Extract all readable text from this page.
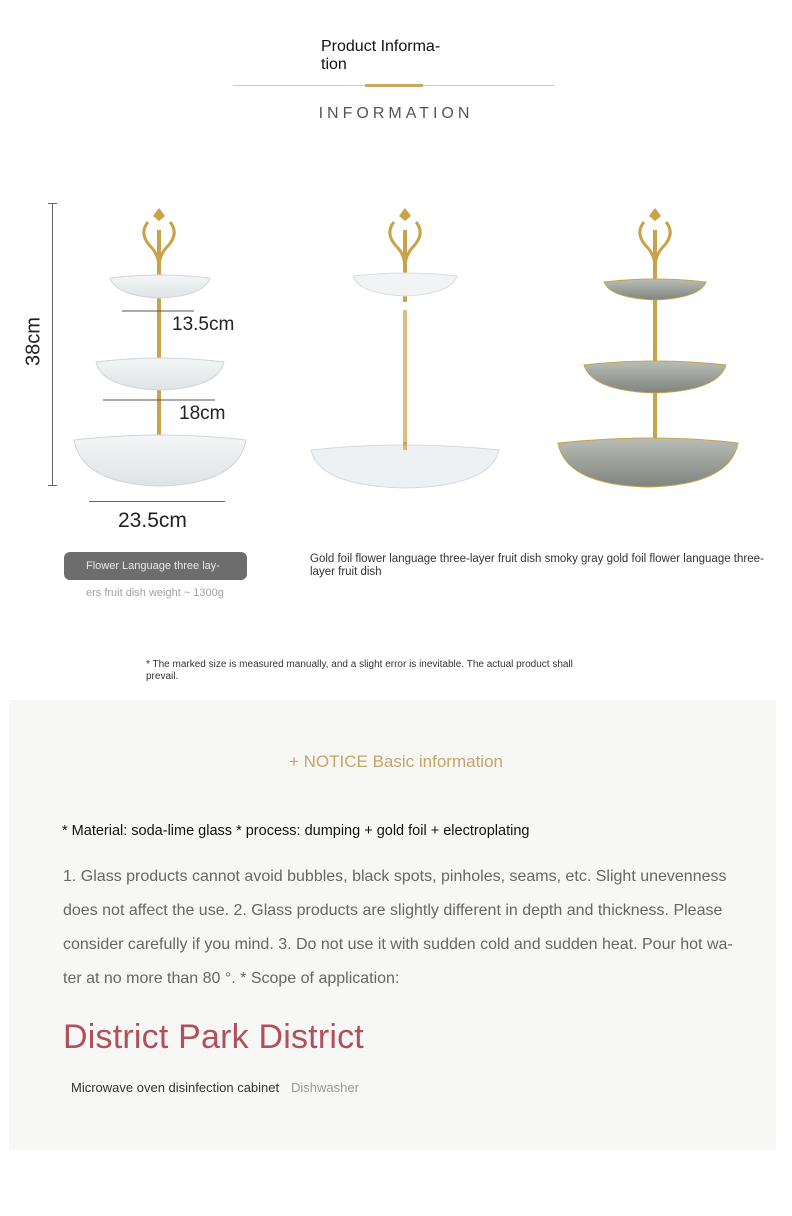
Product Informa-
tion
INFORMATION
38cm	13.5cm
18cm
23.5cm
Flower Language three lay-
ers fruit dish weight ~ 1300g
Gold foil flower language three-layer fruit dish smoky gray gold foil flower language three-layer fruit dish
* The marked size is measured manually, and a slight error is inevitable. The actual product shall prevail.
+ NOTICE Basic information
* Material: soda-lime glass * process: dumping + gold foil + electroplating
1. Glass products cannot avoid bubbles, black spots, pinholes, seams, etc. Slight unevenness does not affect the use. 2. Glass products are slightly different in depth and thickness. Please consider carefully if you mind. 3. Do not use it with sudden cold and sudden heat. Pour hot wa-ter at no more than 80 °. * Scope of application:
District Park District
Microwave oven disinfection cabinet Dishwasher
